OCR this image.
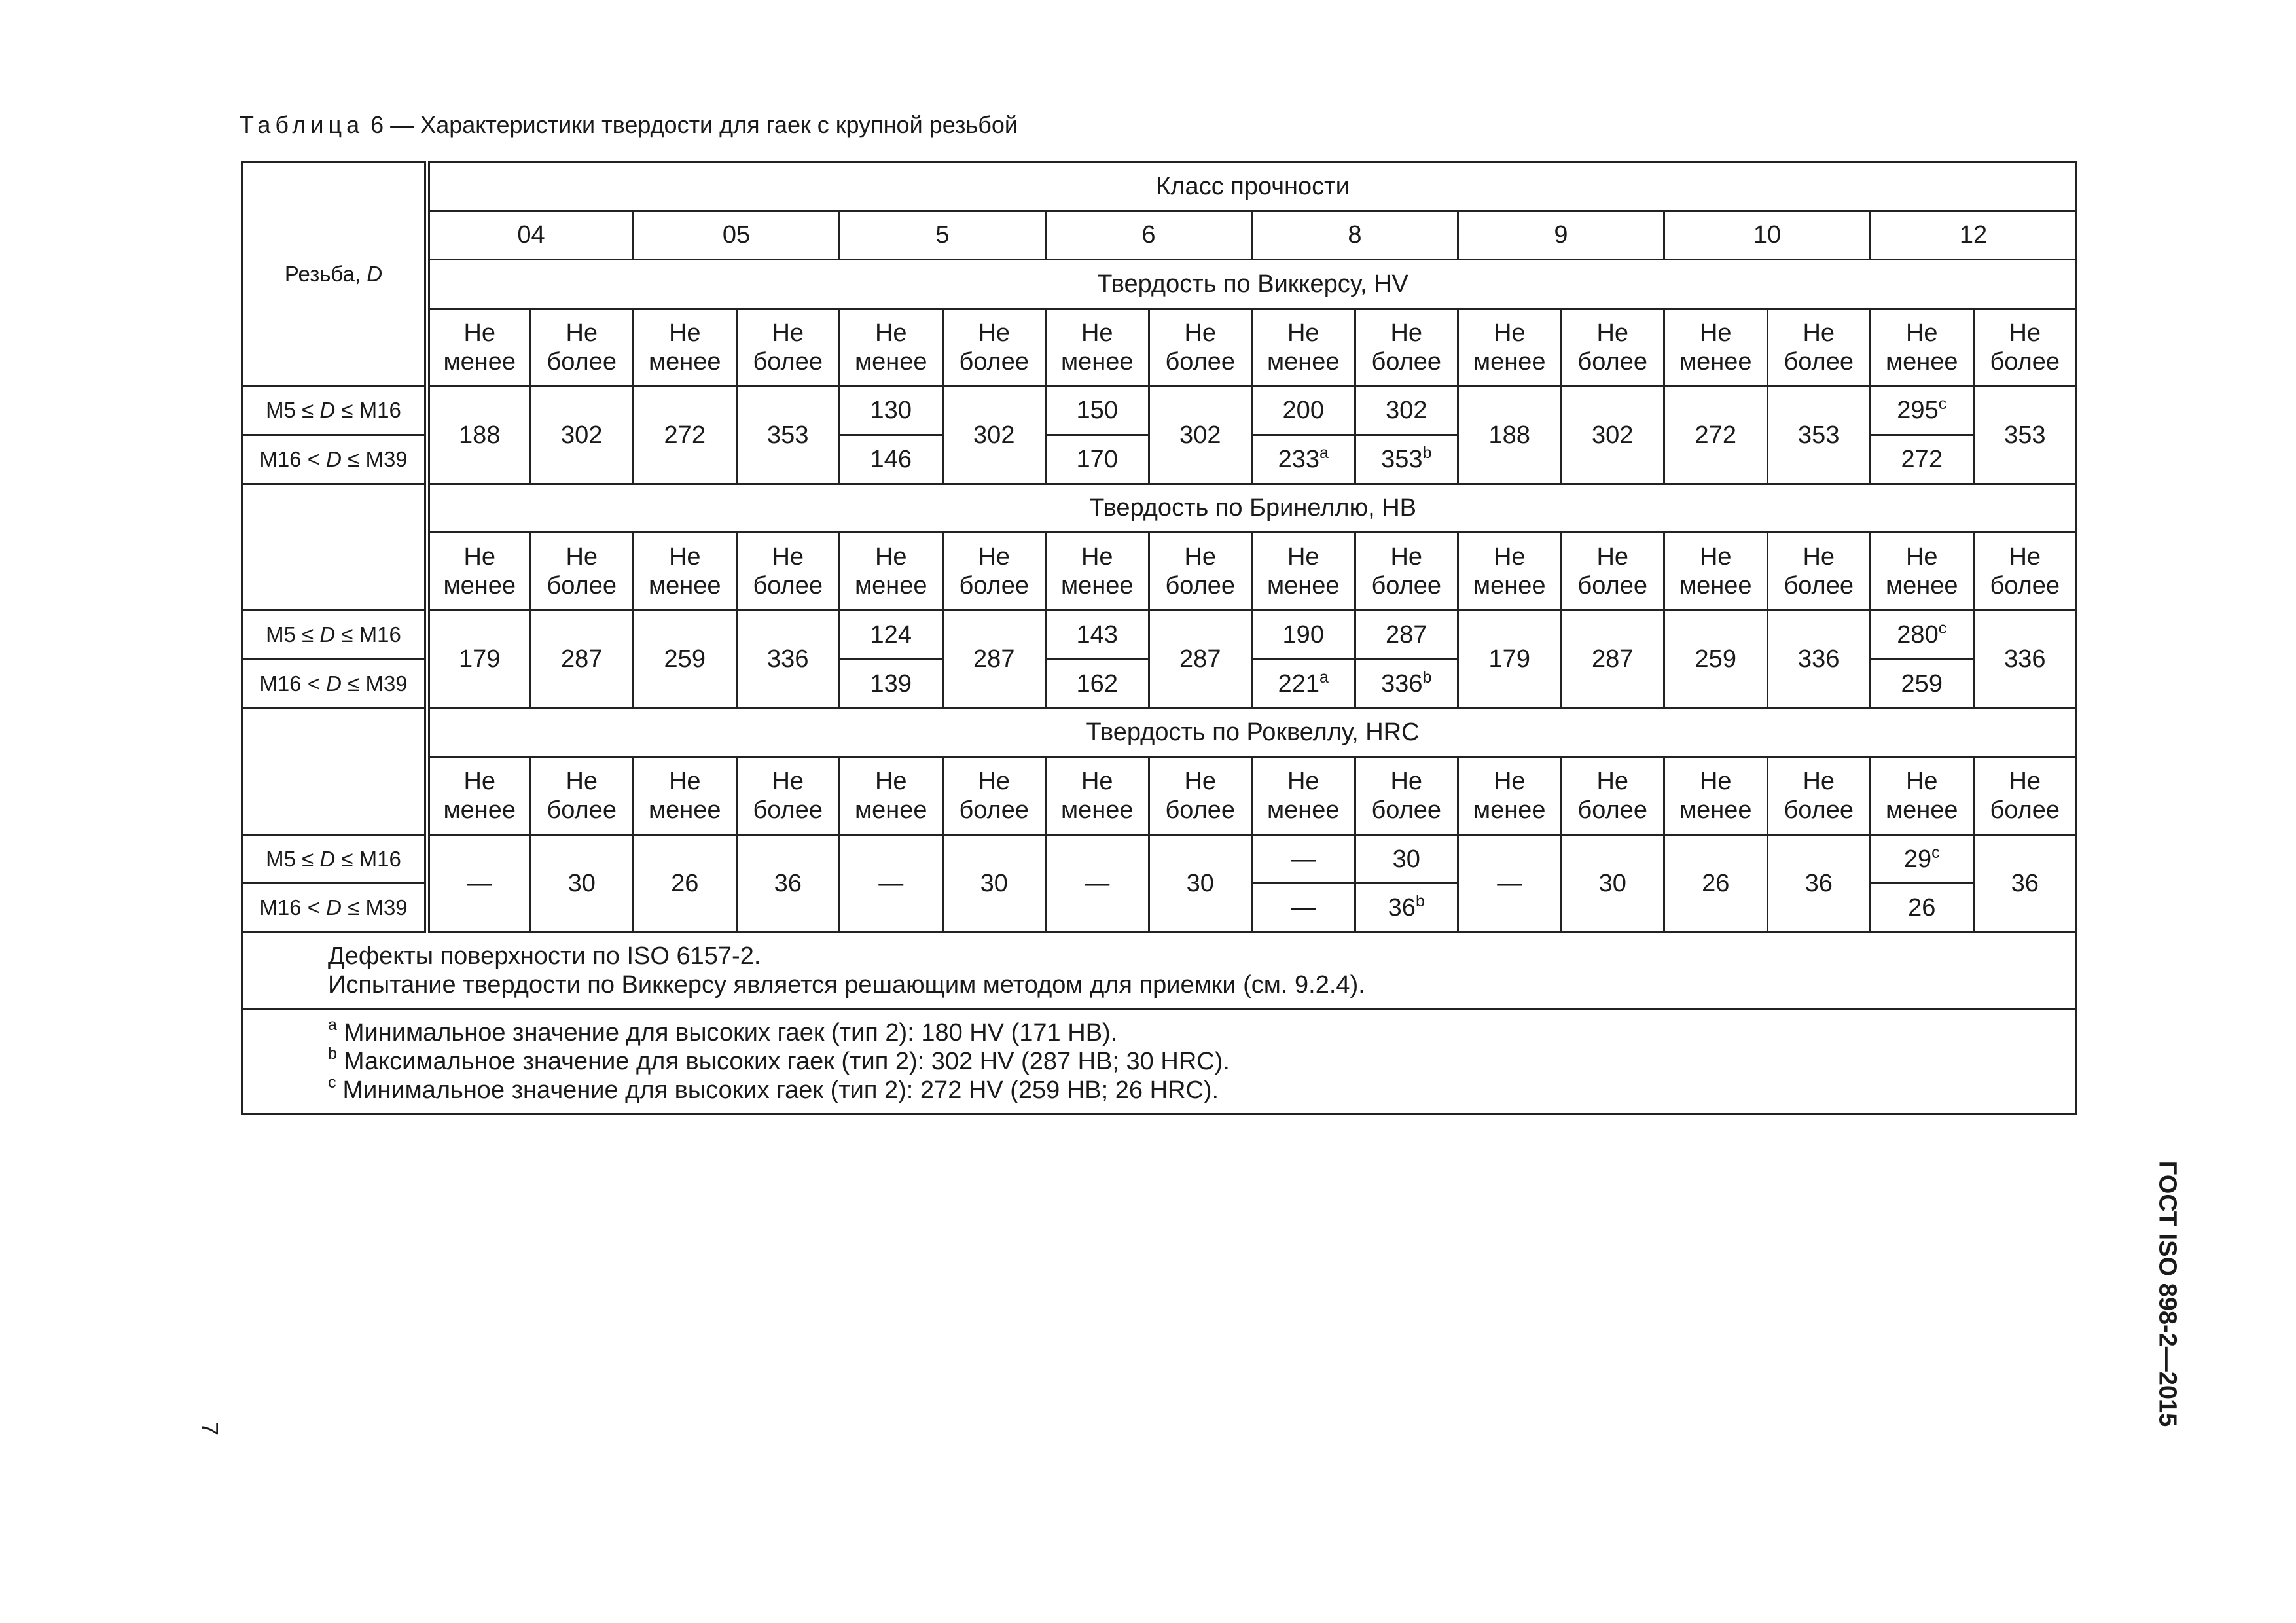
Таблица 6 — Характеристики твердости для гаек с крупной резьбой
Резьба, D	Класс прочности															
	04		05		5		6		8		9		10		12	
	Твердость по Виккерсу, HV															
	Не менее	Не более	Не менее	Не более	Не менее	Не более	Не менее	Не более	Не менее	Не более	Не менее	Не более	Не менее	Не более	Не менее	Не более
M5 ≤ D ≤ M16	188	302	272	353	130	302	150	302	200	302	188	302	272	353	295$^c$	353
M16 < D ≤ M39					146		170		233$^a$	353$^b$					272	
	Твердость по Бринеллю, HB															
	Не менее	Не более	Не менее	Не более	Не менее	Не более	Не менее	Не более	Не менее	Не более	Не менее	Не более	Не менее	Не более	Не менее	Не более
M5 ≤ D ≤ M16	179	287	259	336	124	287	143	287	190	287	179	287	259	336	280$^c$	336
M16 < D ≤ M39					139		162		221$^a$	336$^b$					259	
	Твердость по Роквеллу, HRC															
	Не менее	Не более	Не менее	Не более	Не менее	Не более	Не менее	Не более	Не менее	Не более	Не менее	Не более	Не менее	Не более	Не менее	Не более
M5 ≤ D ≤ M16	—	30	26	36	—	30	—	30	—	30	—	30	26	36	29$^c$	36
M16 < D ≤ M39									—	36$^b$					26	

Дефекты поверхности по ISO 6157-2.
Испытание твердости по Виккерсу является решающим методом для приемки (см. 9.2.4).																

$^a$ Минимальное значение для высоких гаек (тип 2): 180 HV (171 HB).
$^b$ Максимальное значение для высоких гаек (тип 2): 302 HV (287 HB; 30 HRC).
$^c$ Минимальное значение для высоких гаек (тип 2): 272 HV (259 HB; 26 HRC).																
ГОСТ ISO 898-2—2015
7
